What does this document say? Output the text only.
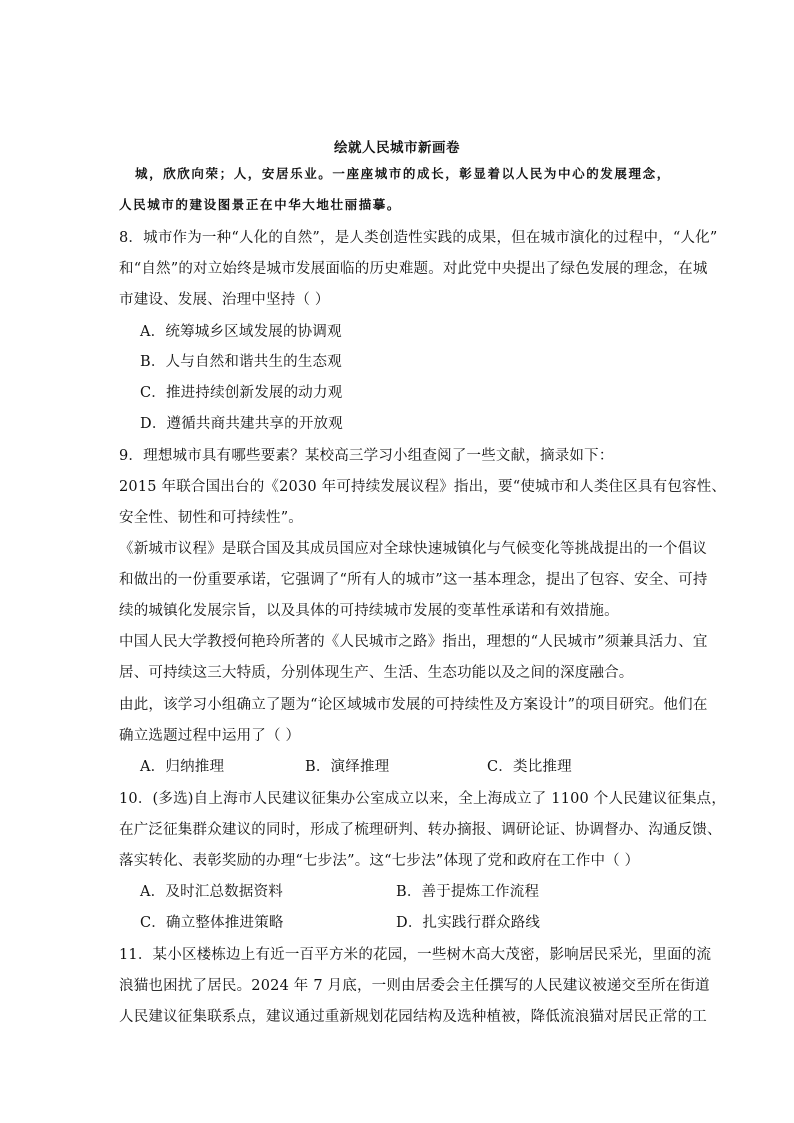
绘就人民城市新画卷
城，欣欣向荣；人，安居乐业。一座座城市的成长，彰显着以人民为中心的发展理念，
人民城市的建设图景正在中华大地壮丽描摹。
8．城市作为一种“人化的自然”，是人类创造性实践的成果，但在城市演化的过程中，“人化”
和“自然”的对立始终是城市发展面临的历史难题。对此党中央提出了绿色发展的理念，在城
市建设、发展、治理中坚持（ ）
A．统筹城乡区域发展的协调观
B．人与自然和谐共生的生态观
C．推进持续创新发展的动力观
D．遵循共商共建共享的开放观
9．理想城市具有哪些要素？某校高三学习小组查阅了一些文献，摘录如下：
2015 年联合国出台的《2030 年可持续发展议程》指出，要“使城市和人类住区具有包容性、
安全性、韧性和可持续性”。
《新城市议程》是联合国及其成员国应对全球快速城镇化与气候变化等挑战提出的一个倡议
和做出的一份重要承诺，它强调了“所有人的城市”这一基本理念，提出了包容、安全、可持
续的城镇化发展宗旨，以及具体的可持续城市发展的变革性承诺和有效措施。
中国人民大学教授何艳玲所著的《人民城市之路》指出，理想的“人民城市”须兼具活力、宜
居、可持续这三大特质，分别体现生产、生活、生态功能以及之间的深度融合。
由此，该学习小组确立了题为“论区域城市发展的可持续性及方案设计”的项目研究。他们在
确立选题过程中运用了（ ）
A．归纳推理	B．演绎推理	C．类比推理
10．(多选)自上海市人民建议征集办公室成立以来，全上海成立了 1100 个人民建议征集点，
在广泛征集群众建议的同时，形成了梳理研判、转办摘报、调研论证、协调督办、沟通反馈、
落实转化、表彰奖励的办理“七步法”。这“七步法”体现了党和政府在工作中（ ）
A．及时汇总数据资料	B．善于提炼工作流程
C．确立整体推进策略	D．扎实践行群众路线
11．某小区楼栋边上有近一百平方米的花园，一些树木高大茂密，影响居民采光，里面的流
浪猫也困扰了居民。2024 年 7 月底，一则由居委会主任撰写的人民建议被递交至所在街道
人民建议征集联系点，建议通过重新规划花园结构及选种植被，降低流浪猫对居民正常的工
